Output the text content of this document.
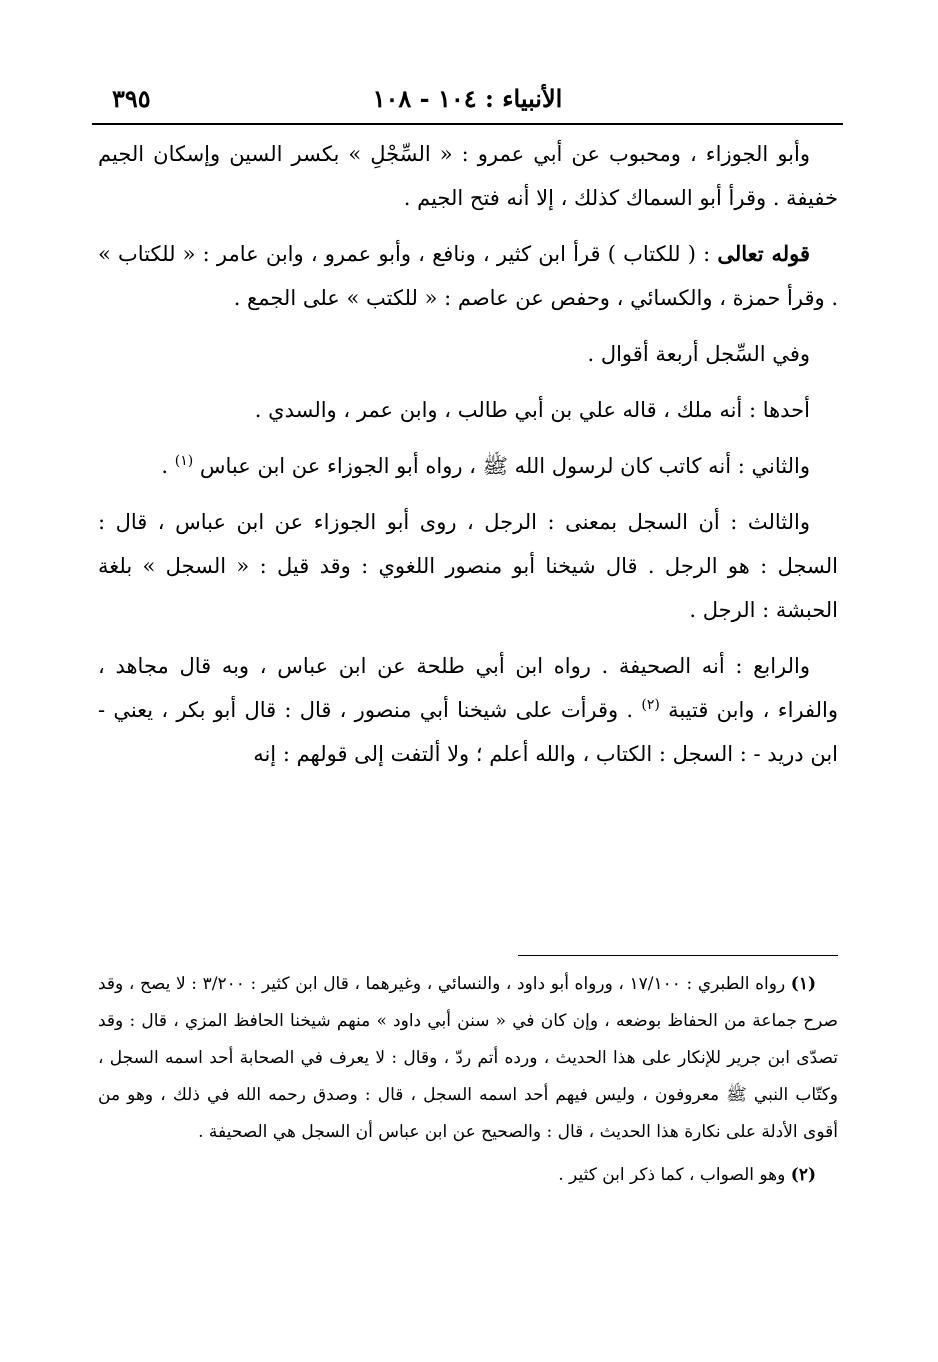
الأنبياء : ١٠٤ - ١٠٨
٣٩٥

وأبو الجوزاء ، ومحبوب عن أبي عمرو : « السِّجْلِ » بكسر السين وإسكان الجيم خفيفة . وقرأ أبو السماك كذلك ، إلا أنه فتح الجيم .

قوله تعالى : ( للكتاب ) قرأ ابن كثير ، ونافع ، وأبو عمرو ، وابن عامر : « للكتاب » . وقرأ حمزة ، والكسائي ، وحفص عن عاصم : « للكتب » على الجمع .

وفي السِّجل أربعة أقوال .

أحدها : أنه ملك ، قاله علي بن أبي طالب ، وابن عمر ، والسدي .

والثاني : أنه كاتب كان لرسول الله ﷺ ، رواه أبو الجوزاء عن ابن عباس $^{(١)}$ .

والثالث : أن السجل بمعنى : الرجل ، روى أبو الجوزاء عن ابن عباس ، قال : السجل : هو الرجل . قال شيخنا أبو منصور اللغوي : وقد قيل : « السجل » بلغة الحبشة : الرجل .

والرابع : أنه الصحيفة . رواه ابن أبي طلحة عن ابن عباس ، وبه قال مجاهد ، والفراء ، وابن قتيبة $^{(٢)}$ . وقرأت على شيخنا أبي منصور ، قال : قال أبو بكر ، يعني - ابن دريد - : السجل : الكتاب ، والله أعلم ؛ ولا ألتفت إلى قولهم : إنه

(١) رواه الطبري : ١٧/١٠٠ ، ورواه أبو داود ، والنسائي ، وغيرهما ، قال ابن كثير : ٣/٢٠٠ : لا يصح ، وقد صرح جماعة من الحفاظ بوضعه ، وإن كان في « سنن أبي داود » منهم شيخنا الحافظ المزي ، قال : وقد تصدّى ابن جرير للإنكار على هذا الحديث ، ورده أتم ردّ ، وقال : لا يعرف في الصحابة أحد اسمه السجل ، وكتّاب النبي ﷺ معروفون ، وليس فيهم أحد اسمه السجل ، قال : وصدق رحمه الله في ذلك ، وهو من أقوى الأدلة على نكارة هذا الحديث ، قال : والصحيح عن ابن عباس أن السجل هي الصحيفة .

(٢) وهو الصواب ، كما ذكر ابن كثير .
